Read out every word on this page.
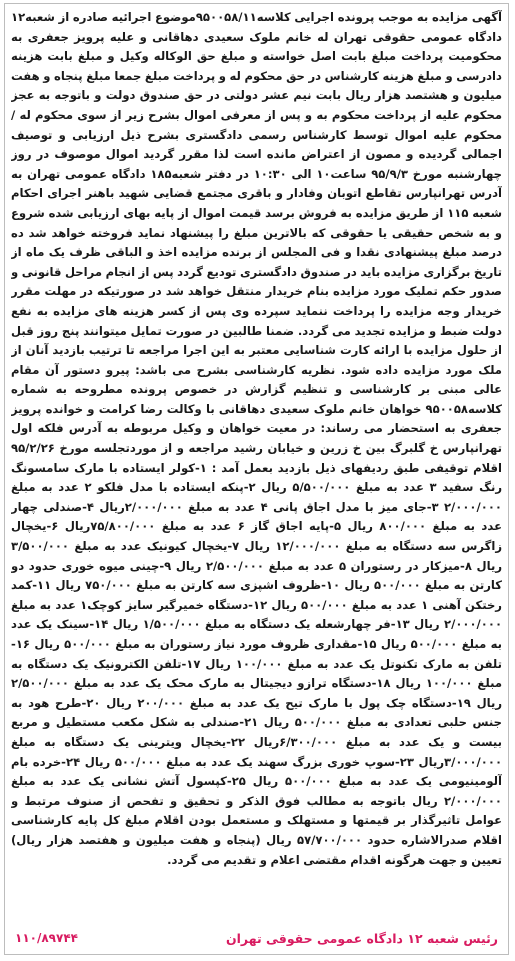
آگهی مزایده به موجب پرونده اجرایی کلاسه۹۵۰۰۵۸/۱۱موضوع اجرائیه صادره از شعبه۱۲ دادگاه عمومی حقوقی تهران له خانم ملوک سعیدی دهاقانی و علیه پرویز جعفری به محکومیت پرداخت مبلغ بابت اصل خواسته و مبلغ حق الوکاله وکیل و مبلغ بابت هزینه دادرسی و مبلغ هزینه کارشناس در حق محکوم له و پرداخت مبلغ جمعا مبلغ پنجاه و هفت میلیون و هشتصد هزار ریال بابت نیم عشر دولتی در حق صندوق دولت و باتوجه به عجز محکوم علیه از پرداخت محکوم به و پس از معرفی اموال بشرح زیر از سوی محکوم له / محکوم علیه اموال توسط کارشناس رسمی دادگستری بشرح ذیل ارزیابی و توصیف اجمالی گردیده و مصون از اعتراض مانده است لذا مقرر گردید اموال موصوف در روز چهارشنبه مورخ ۹۵/۹/۳ ساعت۱۰ الی ۱۰:۳۰ در دفتر شعبه۱۸۵ دادگاه عمومی تهران به آدرس تهرانپارس تقاطع اتوبان وفادار و باقری مجتمع قضایی شهید باهنر اجرای احکام شعبه ۱۱۵ از طریق مزایده به فروش برسد قیمت اموال از پایه بهای ارزیابی شده شروع و به شخص حقیقی یا حقوقی که بالاترین مبلغ را پیشنهاد نماید فروخته خواهد شد ده درصد مبلغ پیشنهادی نقدا و فی المجلس از برنده مزایده اخذ و الباقی ظرف یک ماه از تاریخ برگزاری مزایده باید در صندوق دادگستری تودیع گردد پس از انجام مراحل قانونی و صدور حکم تملیک مورد مزایده بنام خریدار منتقل خواهد شد در صورتیکه در مهلت مقرر خریدار وجه مزایده را پرداخت ننماید سپرده وی پس از کسر هزینه های مزایده به نفع دولت ضبط و مزایده تجدید می گردد. ضمنا طالبین در صورت تمایل میتوانند پنج روز قبل از حلول مزایده با ارائه کارت شناسایی معتبر به این اجرا مراجعه تا ترتیب بازدید آنان از ملک مورد مزایده داده شود. نظریه کارشناسی بشرح می باشد: پیرو دستور آن مقام عالی مبنی بر کارشناسی و تنظیم گزارش در خصوص پرونده مطروحه به شماره کلاسه۹۵۰۰۵۸ خواهان خانم ملوک سعیدی دهاقانی با وکالت رضا کرامت و خوانده پرویز جعفری به استحضار می رساند: در معیت خواهان و وکیل مربوطه به آدرس فلکه اول تهرانپارس خ گلبرگ بین خ زرین و خیابان رشید مراجعه و از موردتجلسه مورخ ۹۵/۲/۲۶ اقلام توقیفی طبق ردیفهای ذیل بازدید بعمل آمد : ۱-کولر ایستاده با مارک سامسونگ رنگ سفید ۳ عدد به مبلغ ۵/۵۰۰/۰۰۰ ریال ۲-پنکه ایستاده با مدل فلکو ۲ عدد به مبلغ ۲/۰۰۰/۰۰۰ ۳-جای میز با مدل اجاق پانی ۴ عدد به مبلغ ۲/۰۰۰/۰۰۰ریال ۴-صندلی چهار عدد به مبلغ ۸۰۰/۰۰۰ ریال ۵-پایه اجاق گاز ۶ عدد به مبلغ ۷۵/۸۰۰/۰۰۰ریال ۶-یخچال زاگرس سه دستگاه به مبلغ ۱۲/۰۰۰/۰۰۰ ریال ۷-یخچال کیونیک عدد به مبلغ ۳/۵۰۰/۰۰۰ ریال ۸-میزکار در رستوران ۵ عدد به مبلغ ۲/۵۰۰/۰۰۰ ریال ۹-چینی میوه خوری حدود دو کارتن به مبلغ ۵۰۰/۰۰۰ ریال ۱۰-ظروف اشپزی سه کارتن به مبلغ ۷۵۰/۰۰۰ ریال ۱۱-کمد رختکن آهنی ۱ عدد به مبلغ ۵۰۰/۰۰۰ ریال ۱۲-دستگاه خمیرگیر سایز کوچک۱ عدد به مبلغ ۲/۰۰۰/۰۰۰ ریال ۱۳-فر چهارشعله یک دستگاه به مبلغ ۱/۵۰۰/۰۰۰ ریال ۱۴-سینک یک عدد به مبلغ ۵۰۰/۰۰۰ ریال ۱۵-مقداری ظروف مورد نیاز رستوران به مبلغ ۵۰۰/۰۰۰ ریال ۱۶-تلفن به مارک تکنوتل یک عدد به مبلغ ۱۰۰/۰۰۰ ریال ۱۷-تلفن الکترونیک یک دستگاه به مبلغ ۱۰۰/۰۰۰ ریال ۱۸-دستگاه ترازو دیجیتال به مارک محک یک عدد به مبلغ ۲/۵۰۰/۰۰۰ ریال ۱۹-دستگاه چک پول با مارک تیح یک عدد به مبلغ ۲۰۰/۰۰۰ ریال ۲۰-طرح هود به جنس حلبی تعدادی به مبلغ ۵۰۰/۰۰۰ ریال ۲۱-صندلی به شکل مکعب مستطیل و مربع بیست و یک عدد به مبلغ ۶/۳۰۰/۰۰۰ریال ۲۲-یخچال ویترینی یک دستگاه به مبلغ ۳/۰۰۰/۰۰۰ریال ۲۳-سوپ خوری بزرگ سهند یک عدد به مبلغ ۵۰۰/۰۰۰ ریال ۲۴-خرده بام آلومینیومی یک عدد به مبلغ ۵۰۰/۰۰۰ ریال ۲۵-کپسول آتش نشانی یک عدد به مبلغ ۲/۰۰۰/۰۰۰ ریال باتوجه به مطالب فوق الذکر و تحقیق و تفحص از صنوف مرتبط و عوامل تاثیرگذار بر قیمتها و مستهلک و مستعمل بودن اقلام مبلغ کل پایه کارشناسی اقلام صدرالاشاره حدود ۵۷/۷۰۰/۰۰۰ ریال (پنجاه و هفت میلیون و هفتصد هزار ریال) تعیین و جهت هرگونه اقدام مقتضی اعلام و تقدیم می گردد.

رئیس شعبه ۱۲ دادگاه عمومی حقوقی تهران
۱۱۰/۸۹۷۴۴
